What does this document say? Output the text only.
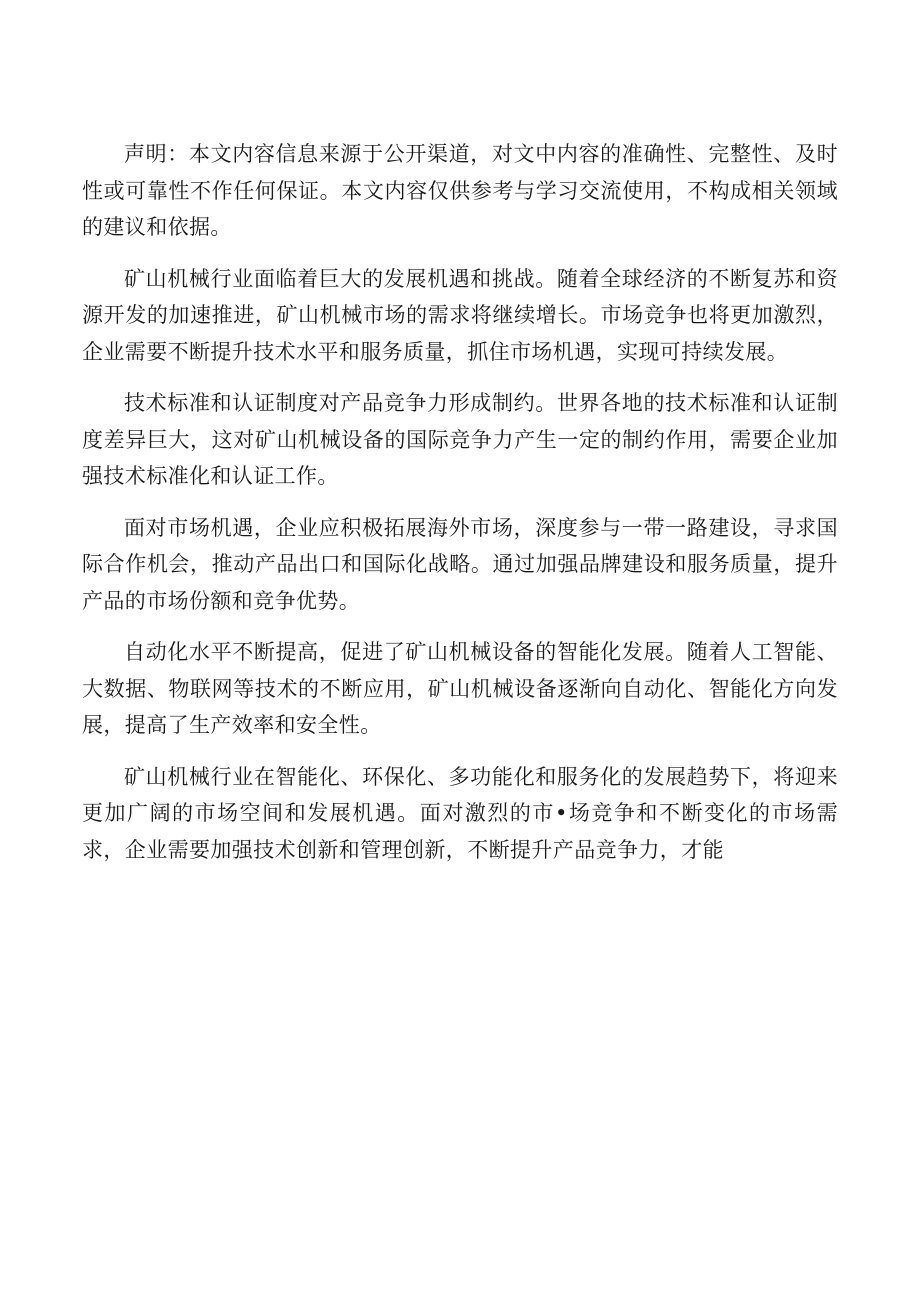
声明：本文内容信息来源于公开渠道，对文中内容的准确性、完整性、及时性或可靠性不作任何保证。本文内容仅供参考与学习交流使用，不构成相关领域的建议和依据。

矿山机械行业面临着巨大的发展机遇和挑战。随着全球经济的不断复苏和资源开发的加速推进，矿山机械市场的需求将继续增长。市场竞争也将更加激烈，企业需要不断提升技术水平和服务质量，抓住市场机遇，实现可持续发展。

技术标准和认证制度对产品竞争力形成制约。世界各地的技术标准和认证制度差异巨大，这对矿山机械设备的国际竞争力产生一定的制约作用，需要企业加强技术标准化和认证工作。

面对市场机遇，企业应积极拓展海外市场，深度参与一带一路建设，寻求国际合作机会，推动产品出口和国际化战略。通过加强品牌建设和服务质量，提升产品的市场份额和竞争优势。

自动化水平不断提高，促进了矿山机械设备的智能化发展。随着人工智能、大数据、物联网等技术的不断应用，矿山机械设备逐渐向自动化、智能化方向发展，提高了生产效率和安全性。

矿山机械行业在智能化、环保化、多功能化和服务化的发展趋势下，将迎来更加广阔的市场空间和发展机遇。面对激烈的市•场竞争和不断变化的市场需求，企业需要加强技术创新和管理创新，不断提升产品竞争力，才能
